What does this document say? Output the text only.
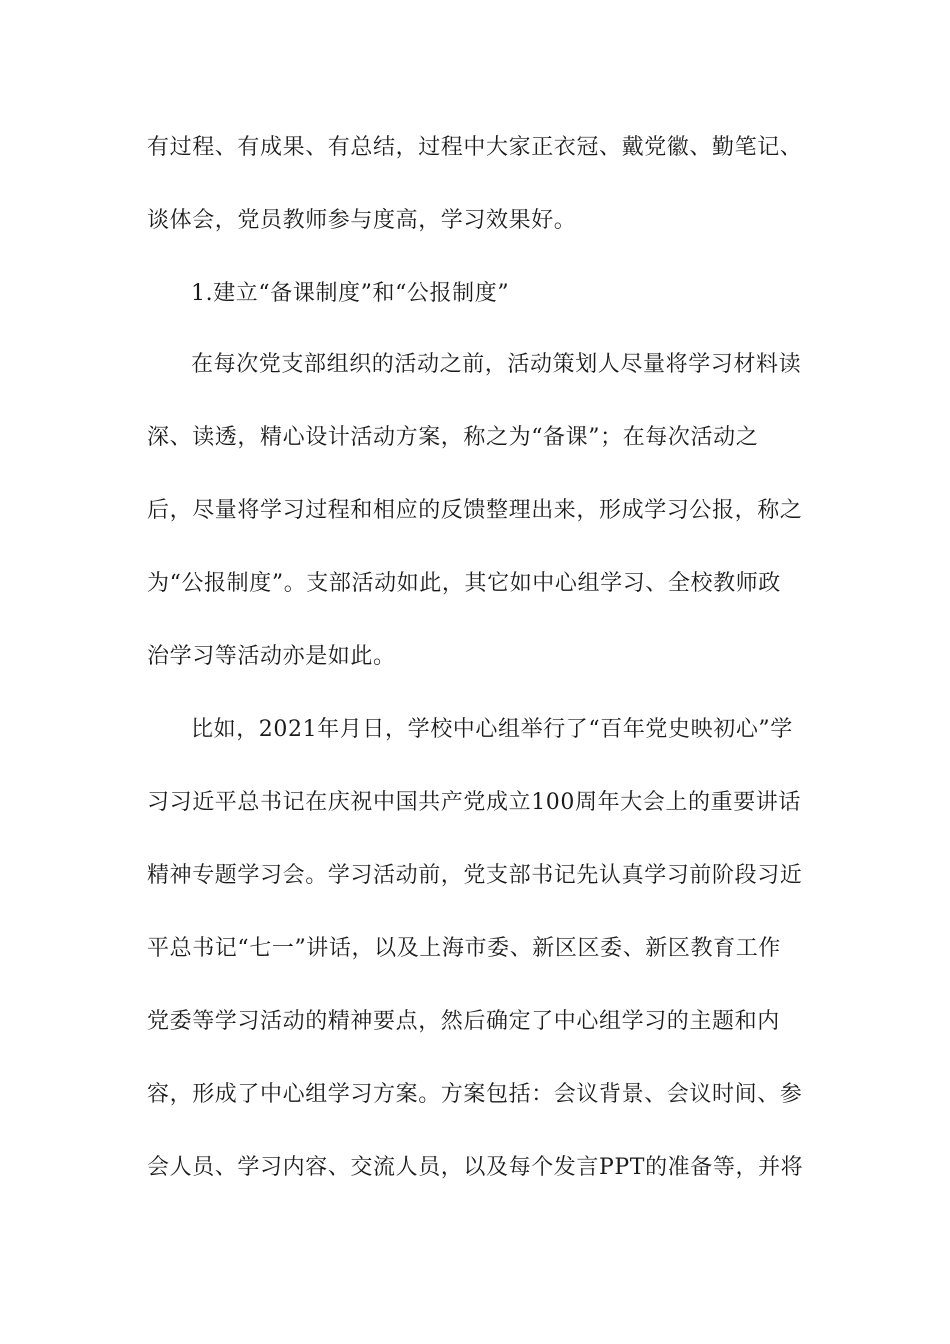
有过程、有成果、有总结，过程中大家正衣冠、戴党徽、勤笔记、
谈体会，党员教师参与度高，学习效果好。
1.建立“备课制度”和“公报制度”
在每次党支部组织的活动之前，活动策划人尽量将学习材料读
深、读透，精心设计活动方案，称之为“备课”；在每次活动之
后，尽量将学习过程和相应的反馈整理出来，形成学习公报，称之
为“公报制度”。支部活动如此，其它如中心组学习、全校教师政
治学习等活动亦是如此。
比如，2021年月日，学校中心组举行了“百年党史映初心”学
习习近平总书记在庆祝中国共产党成立100周年大会上的重要讲话
精神专题学习会。学习活动前，党支部书记先认真学习前阶段习近
平总书记“七一”讲话，以及上海市委、新区区委、新区教育工作
党委等学习活动的精神要点，然后确定了中心组学习的主题和内
容，形成了中心组学习方案。方案包括：会议背景、会议时间、参
会人员、学习内容、交流人员，以及每个发言PPT的准备等，并将
